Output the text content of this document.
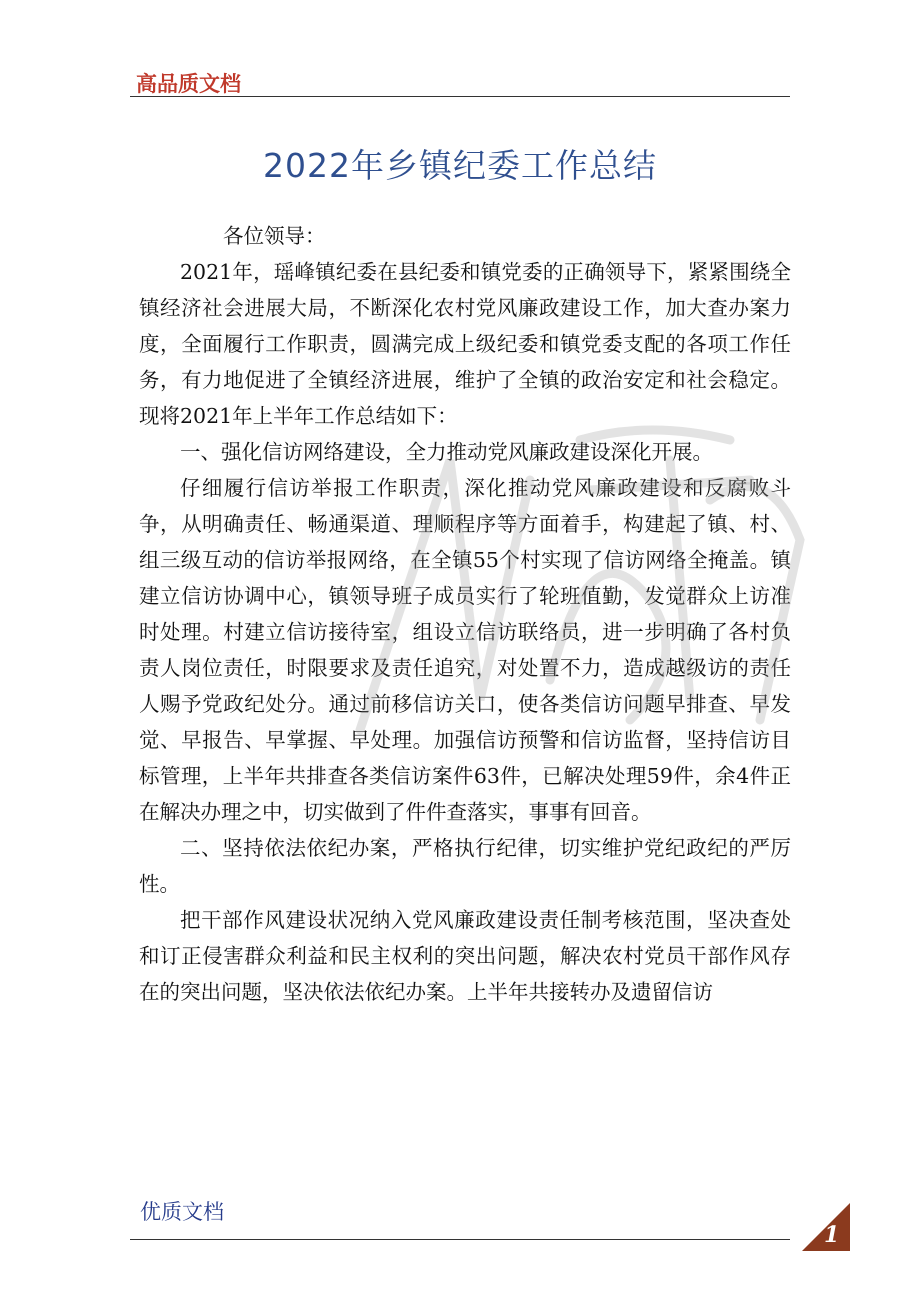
高品质文档
2022年乡镇纪委工作总结

各位领导：

2021年，瑶峰镇纪委在县纪委和镇党委的正确领导下，紧紧围绕全镇经济社会进展大局，不断深化农村党风廉政建设工作，加大查办案力度，全面履行工作职责，圆满完成上级纪委和镇党委支配的各项工作任务，有力地促进了全镇经济进展，维护了全镇的政治安定和社会稳定。现将2021年上半年工作总结如下：

一、强化信访网络建设，全力推动党风廉政建设深化开展。

仔细履行信访举报工作职责，深化推动党风廉政建设和反腐败斗争，从明确责任、畅通渠道、理顺程序等方面着手，构建起了镇、村、组三级互动的信访举报网络，在全镇55个村实现了信访网络全掩盖。镇建立信访协调中心，镇领导班子成员实行了轮班值勤，发觉群众上访准时处理。村建立信访接待室，组设立信访联络员，进一步明确了各村负责人岗位责任，时限要求及责任追究，对处置不力，造成越级访的责任人赐予党政纪处分。通过前移信访关口，使各类信访问题早排查、早发觉、早报告、早掌握、早处理。加强信访预警和信访监督，坚持信访目标管理，上半年共排查各类信访案件63件，已解决处理59件，余4件正在解决办理之中，切实做到了件件查落实，事事有回音。

二、坚持依法依纪办案，严格执行纪律，切实维护党纪政纪的严厉 性。

把干部作风建设状况纳入党风廉政建设责任制考核范围，坚决查处和订正侵害群众利益和民主权利的突出问题，解决农村党员干部作风存在的突出问题，坚决依法依纪办案。上半年共接转办及遗留信访

优质文档
1
